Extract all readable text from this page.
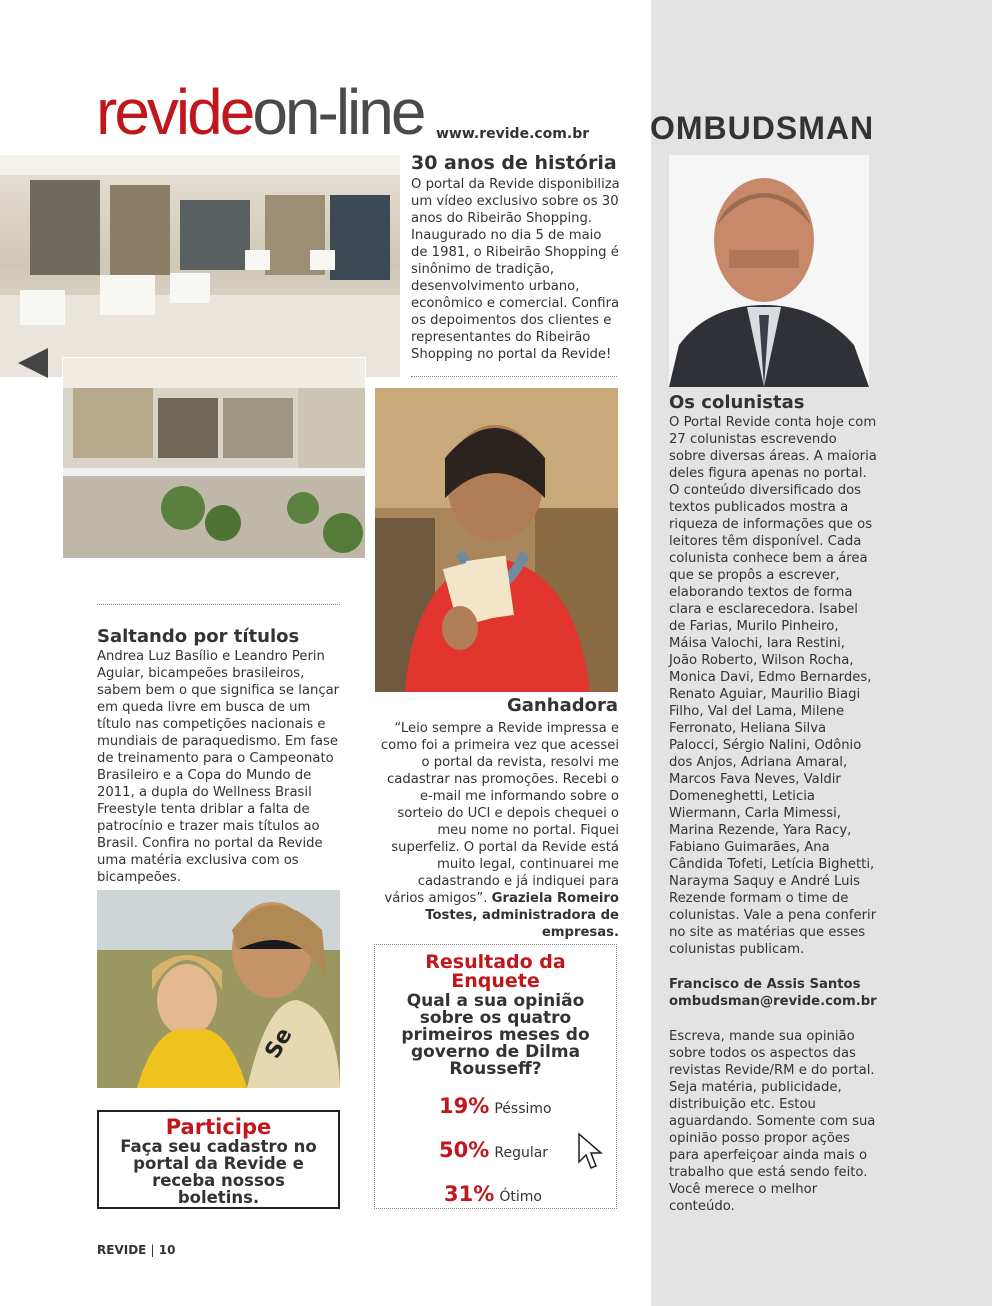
revideon-line www.revide.com.br OMBUDSMAN
30 anos de história
O portal da Revide disponibiliza um vídeo exclusivo sobre os 30 anos do Ribeirão Shopping. Inaugurado no dia 5 de maio de 1981, o Ribeirão Shopping é sinônimo de tradição, desenvolvimento urbano, econômico e comercial. Confira os depoimentos dos clientes e representantes do Ribeirão Shopping no portal da Revide!
Ganhadora
“Leio sempre a Revide impressa e como foi a primeira vez que acessei o portal da revista, resolvi me cadastrar nas promoções. Recebi o e-mail me informando sobre o sorteio do UCI e depois chequei o meu nome no portal. Fiquei superfeliz. O portal da Revide está muito legal, continuarei me cadastrando e já indiquei para vários amigos”. Graziela Romeiro Tostes, administradora de empresas.
Saltando por títulos
Andrea Luz Basílio e Leandro Perin Aguiar, bicampeões brasileiros, sabem bem o que significa se lançar em queda livre em busca de um título nas competições nacionais e mundiais de paraquedismo. Em fase de treinamento para o Campeonato Brasileiro e a Copa do Mundo de 2011, a dupla do Wellness Brasil Freestyle tenta driblar a falta de patrocínio e trazer mais títulos ao Brasil. Confira no portal da Revide uma matéria exclusiva com os bicampeões.
Se
Participe
Faça seu cadastro no portal da Revide e receba nossos boletins.
Resultado da Enquete
Qual a sua opinião sobre os quatro primeiros meses do governo de Dilma Rousseff?
19% Péssimo
50% Regular
31% Ótimo
Os colunistas
O Portal Revide conta hoje com 27 colunistas escrevendo sobre diversas áreas. A maioria deles figura apenas no portal. O conteúdo diversificado dos textos publicados mostra a riqueza de informações que os leitores têm disponível. Cada colunista conhece bem a área que se propôs a escrever, elaborando textos de forma clara e esclarecedora. Isabel de Farias, Murilo Pinheiro, Máisa Valochi, Iara Restini, João Roberto, Wilson Rocha, Monica Davi, Edmo Bernardes, Renato Aguiar, Maurilio Biagi Filho, Val del Lama, Milene Ferronato, Heliana Silva Palocci, Sérgio Nalini, Odônio dos Anjos, Adriana Amaral, Marcos Fava Neves, Valdir Domeneghetti, Leticia Wiermann, Carla Mimessi, Marina Rezende, Yara Racy, Fabiano Guimarães, Ana Cândida Tofeti, Letícia Bighetti, Narayma Saquy e André Luis Rezende formam o time de colunistas. Vale a pena conferir no site as matérias que esses colunistas publicam.
Francisco de Assis Santos
ombudsman@revide.com.br
Escreva, mande sua opinião sobre todos os aspectos das revistas Revide/RM e do portal. Seja matéria, publicidade, distribuição etc. Estou aguardando. Somente com sua opinião posso propor ações para aperfeiçoar ainda mais o trabalho que está sendo feito. Você merece o melhor conteúdo.
REVIDE | 10
